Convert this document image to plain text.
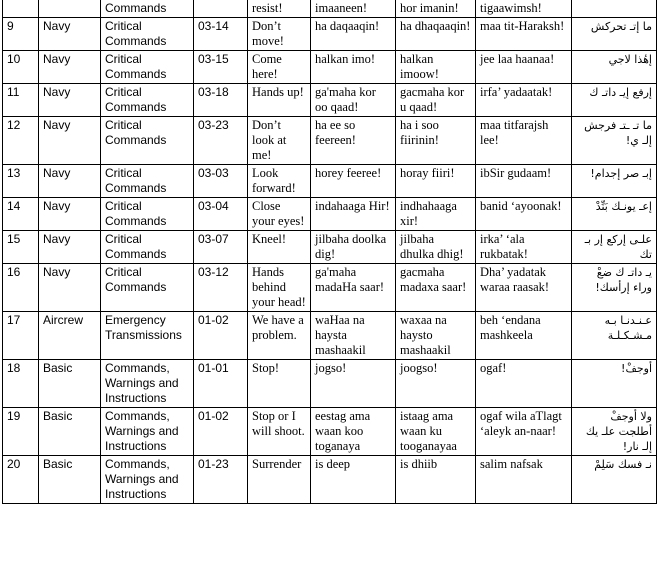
		Commands		resist!	imaaneen!	hor imanin!	tigaawimsh!	
9	Navy	Critical Commands	03-14	Don’t move!	ha daqaaqin!	ha dhaqaaqin!	maa tit-Haraksh!	ما إتـ تحركش
10	Navy	Critical Commands	03-15	Come here!	halkan imo!	halkan imoow!	jee laa haanaa!	إهٔذا لاجي
11	Navy	Critical Commands	03-18	Hands up!	ga'maha kor oo qaad!	gacmaha kor u qaad!	irfa’ yadaatak!	إرفع إيـ داتـ ك
12	Navy	Critical Commands	03-23	Don’t look at me!	ha ee so feereen!	ha i soo fiirinin!	maa titfarajsh lee!	ما تـ ـتـ فرجش إلـ ي!
13	Navy	Critical Commands	03-03	Look forward!	horey feeree!	horay fiiri!	ibSir gudaam!	إبـ صر إجدام!
14	Navy	Critical Commands	03-04	Close your eyes!	indahaaga Hir!	indhahaaga xir!	banid ‘ayoonak!	إعـ يونـك بَنِّدْ
15	Navy	Critical Commands	03-07	Kneel!	jilbaha doolka dig!	jilbaha dhulka dhig!	irka’ ‘ala rukbatak!	علـى إركع إر بـ تك
16	Navy	Critical Commands	03-12	Hands behind your head!	ga'maha madaHa saar!	gacmaha madaxa saar!	Dha’ yadatak waraa raasak!	يـ داتـ ك ضعْ وراء إرأسك!
17	Aircrew	Emergency Transmissions	01-02	We have a problem.	waHaa na haysta mashaakil	waxaa na haysto mashaakil	beh ‘endana mashkeela	عـنـدنـا بـه مـشـكـلـة
18	Basic	Commands, Warnings and Instructions	01-01	Stop!	jogso!	joogso!	ogaf!	أوجفْ!
19	Basic	Commands, Warnings and Instructions	01-02	Stop or I will shoot.	eestag ama waan koo toganaya	istaag ama waan ku tooganayaa	ogaf wila aTlagt ‘aleyk an-naar!	ولا أوجفْ أطلجت علـ يك إلـ نار!
20	Basic	Commands, Warnings and Instructions	01-23	Surrender	is deep	is dhiib	salim nafsak	نـ فسك سَلِمْ
